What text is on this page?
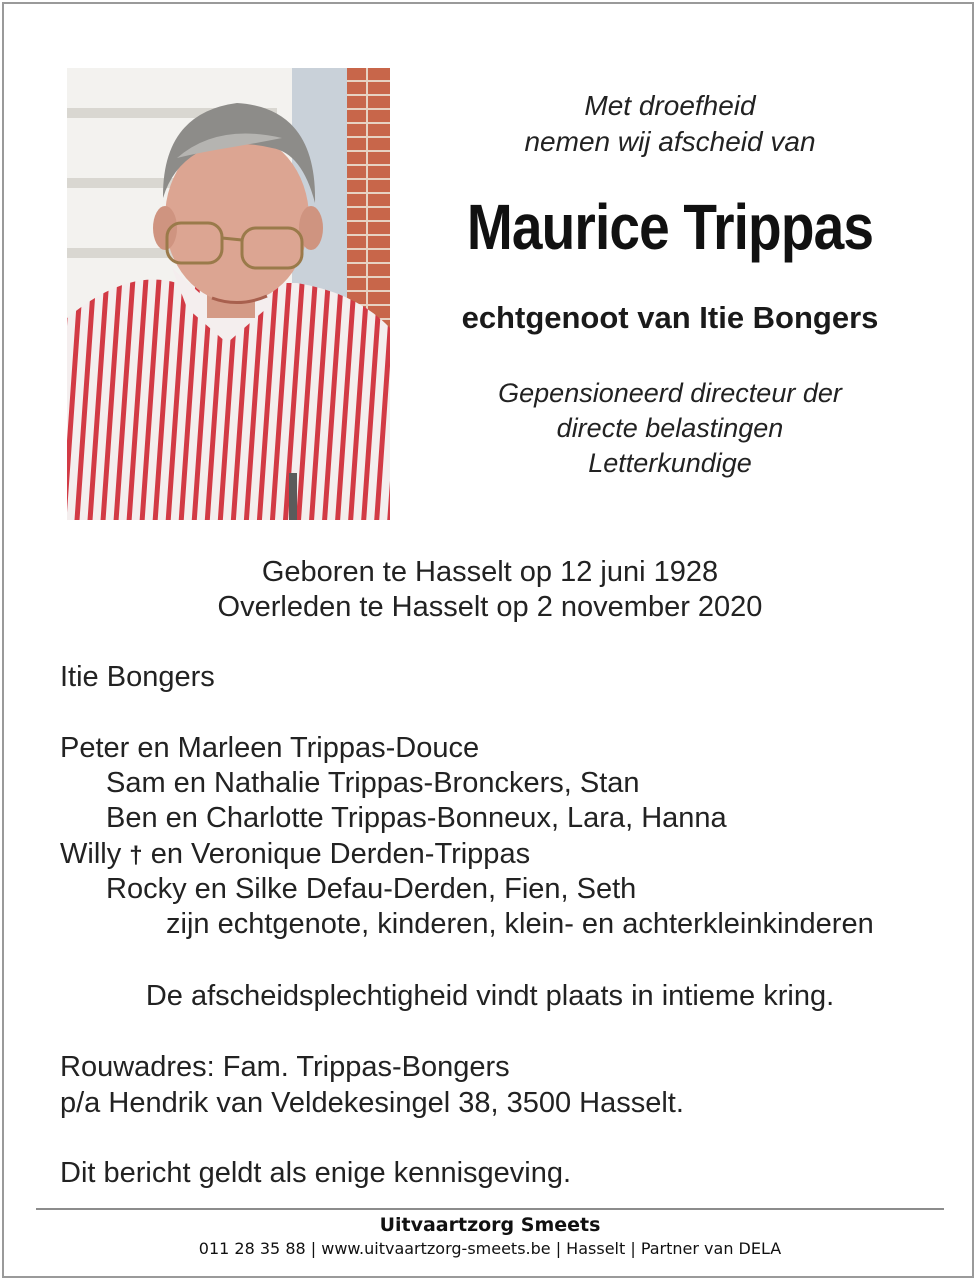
Met droefheid
nemen wij afscheid van
Maurice Trippas
echtgenoot van Itie Bongers
Gepensioneerd directeur der
directe belastingen
Letterkundige
Geboren te Hasselt op 12 juni 1928
Overleden te Hasselt op 2 november 2020
Itie Bongers
Peter en Marleen Trippas-Douce
Sam en Nathalie Trippas-Bronckers, Stan
Ben en Charlotte Trippas-Bonneux, Lara, Hanna
Willy † en Veronique Derden-Trippas
Rocky en Silke Defau-Derden, Fien, Seth
zijn echtgenote, kinderen, klein- en achterkleinkinderen
De afscheidsplechtigheid vindt plaats in intieme kring.
Rouwadres: Fam. Trippas-Bongers
p/a Hendrik van Veldekesingel 38, 3500 Hasselt.
Dit bericht geldt als enige kennisgeving.
Uitvaartzorg Smeets
011 28 35 88 | www.uitvaartzorg-smeets.be | Hasselt | Partner van DELA
